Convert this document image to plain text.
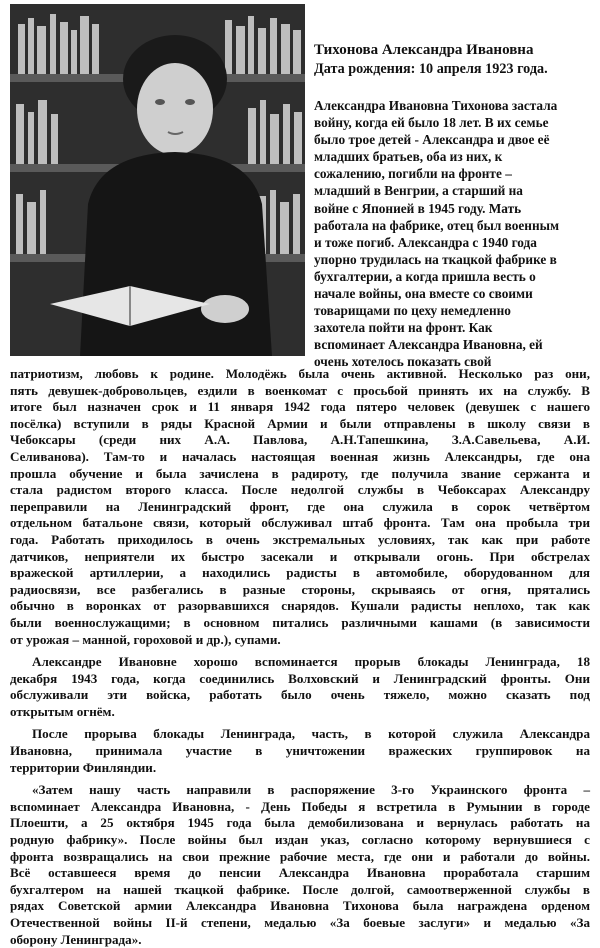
Тихонова Александра Ивановна
Дата рождения: 10 апреля 1923 года.
Александра Ивановна Тихонова застала
войну, когда ей было 18 лет. В их семье
было трое детей - Александра и двое её
младших братьев, оба из них, к
сожалению, погибли на фронте –
младший в Венгрии, а старший на
войне с Японией в 1945 году. Мать
работала на фабрике, отец был военным
и тоже погиб. Александра с 1940 года
упорно трудилась на ткацкой фабрике в
бухгалтерии, а когда пришла весть о
начале войны, она вместе со своими
товарищами по цеху немедленно
захотела пойти на фронт. Как
вспоминает Александра Ивановна, ей
очень хотелось показать свой
патриотизм, любовь к родине. Молодёжь была очень активной. Несколько раз они,
пять девушек-добровольцев, ездили в военкомат с просьбой принять их на службу. В
итоге был назначен срок и 11 января 1942 года пятеро человек (девушек с нашего
посёлка) вступили в ряды Красной Армии и были отправлены в школу связи в
Чебоксары (среди них А.А. Павлова, А.Н.Тапешкина, З.А.Савельева, А.И.
Селиванова). Там-то и началась настоящая военная жизнь Александры, где она
прошла обучение и была зачислена в радироту, где получила звание сержанта и
стала радистом второго класса. После недолгой службы в Чебоксарах Александру
переправили на Ленинградский фронт, где она служила в сорок четвёртом
отдельном батальоне связи, который обслуживал штаб фронта. Там она пробыла три
года. Работать приходилось в очень экстремальных условиях, так как при работе
датчиков, неприятели их быстро засекали и открывали огонь. При обстрелах
вражеской артиллерии, а находились радисты в автомобиле, оборудованном для
радиосвязи, все разбегались в разные стороны, скрываясь от огня, прятались
обычно в воронках от разорвавшихся снарядов. Кушали радисты неплохо, так как
были военнослужащими; в основном питались различными кашами (в зависимости
от урожая – манной, гороховой и др.), супами.
Александре Ивановне хорошо вспоминается прорыв блокады Ленинграда, 18
декабря 1943 года, когда соединились Волховский и Ленинградский фронты. Они
обслуживали эти войска, работать было очень тяжело, можно сказать под
открытым огнём.
После прорыва блокады Ленинграда, часть, в которой служила Александра
Ивановна, принимала участие в уничтожении вражеских группировок на
территории Финляндии.
«Затем нашу часть направили в распоряжение 3-го Украинского фронта –
вспоминает Александра Ивановна, - День Победы я встретила в Румынии в городе
Плоешти, а 25 октября 1945 года была демобилизована и вернулась работать на
родную фабрику». После войны был издан указ, согласно которому вернувшиеся с
фронта возвращались на свои прежние рабочие места, где они и работали до войны.
Всё оставшееся время до пенсии Александра Ивановна проработала старшим
бухгалтером на нашей ткацкой фабрике. После долгой, самоотверженной службы в
рядах Советской армии Александра Ивановна Тихонова была награждена орденом
Отечественной войны II-й степени, медалью «За боевые заслуги» и медалью «За
оборону Ленинграда».
